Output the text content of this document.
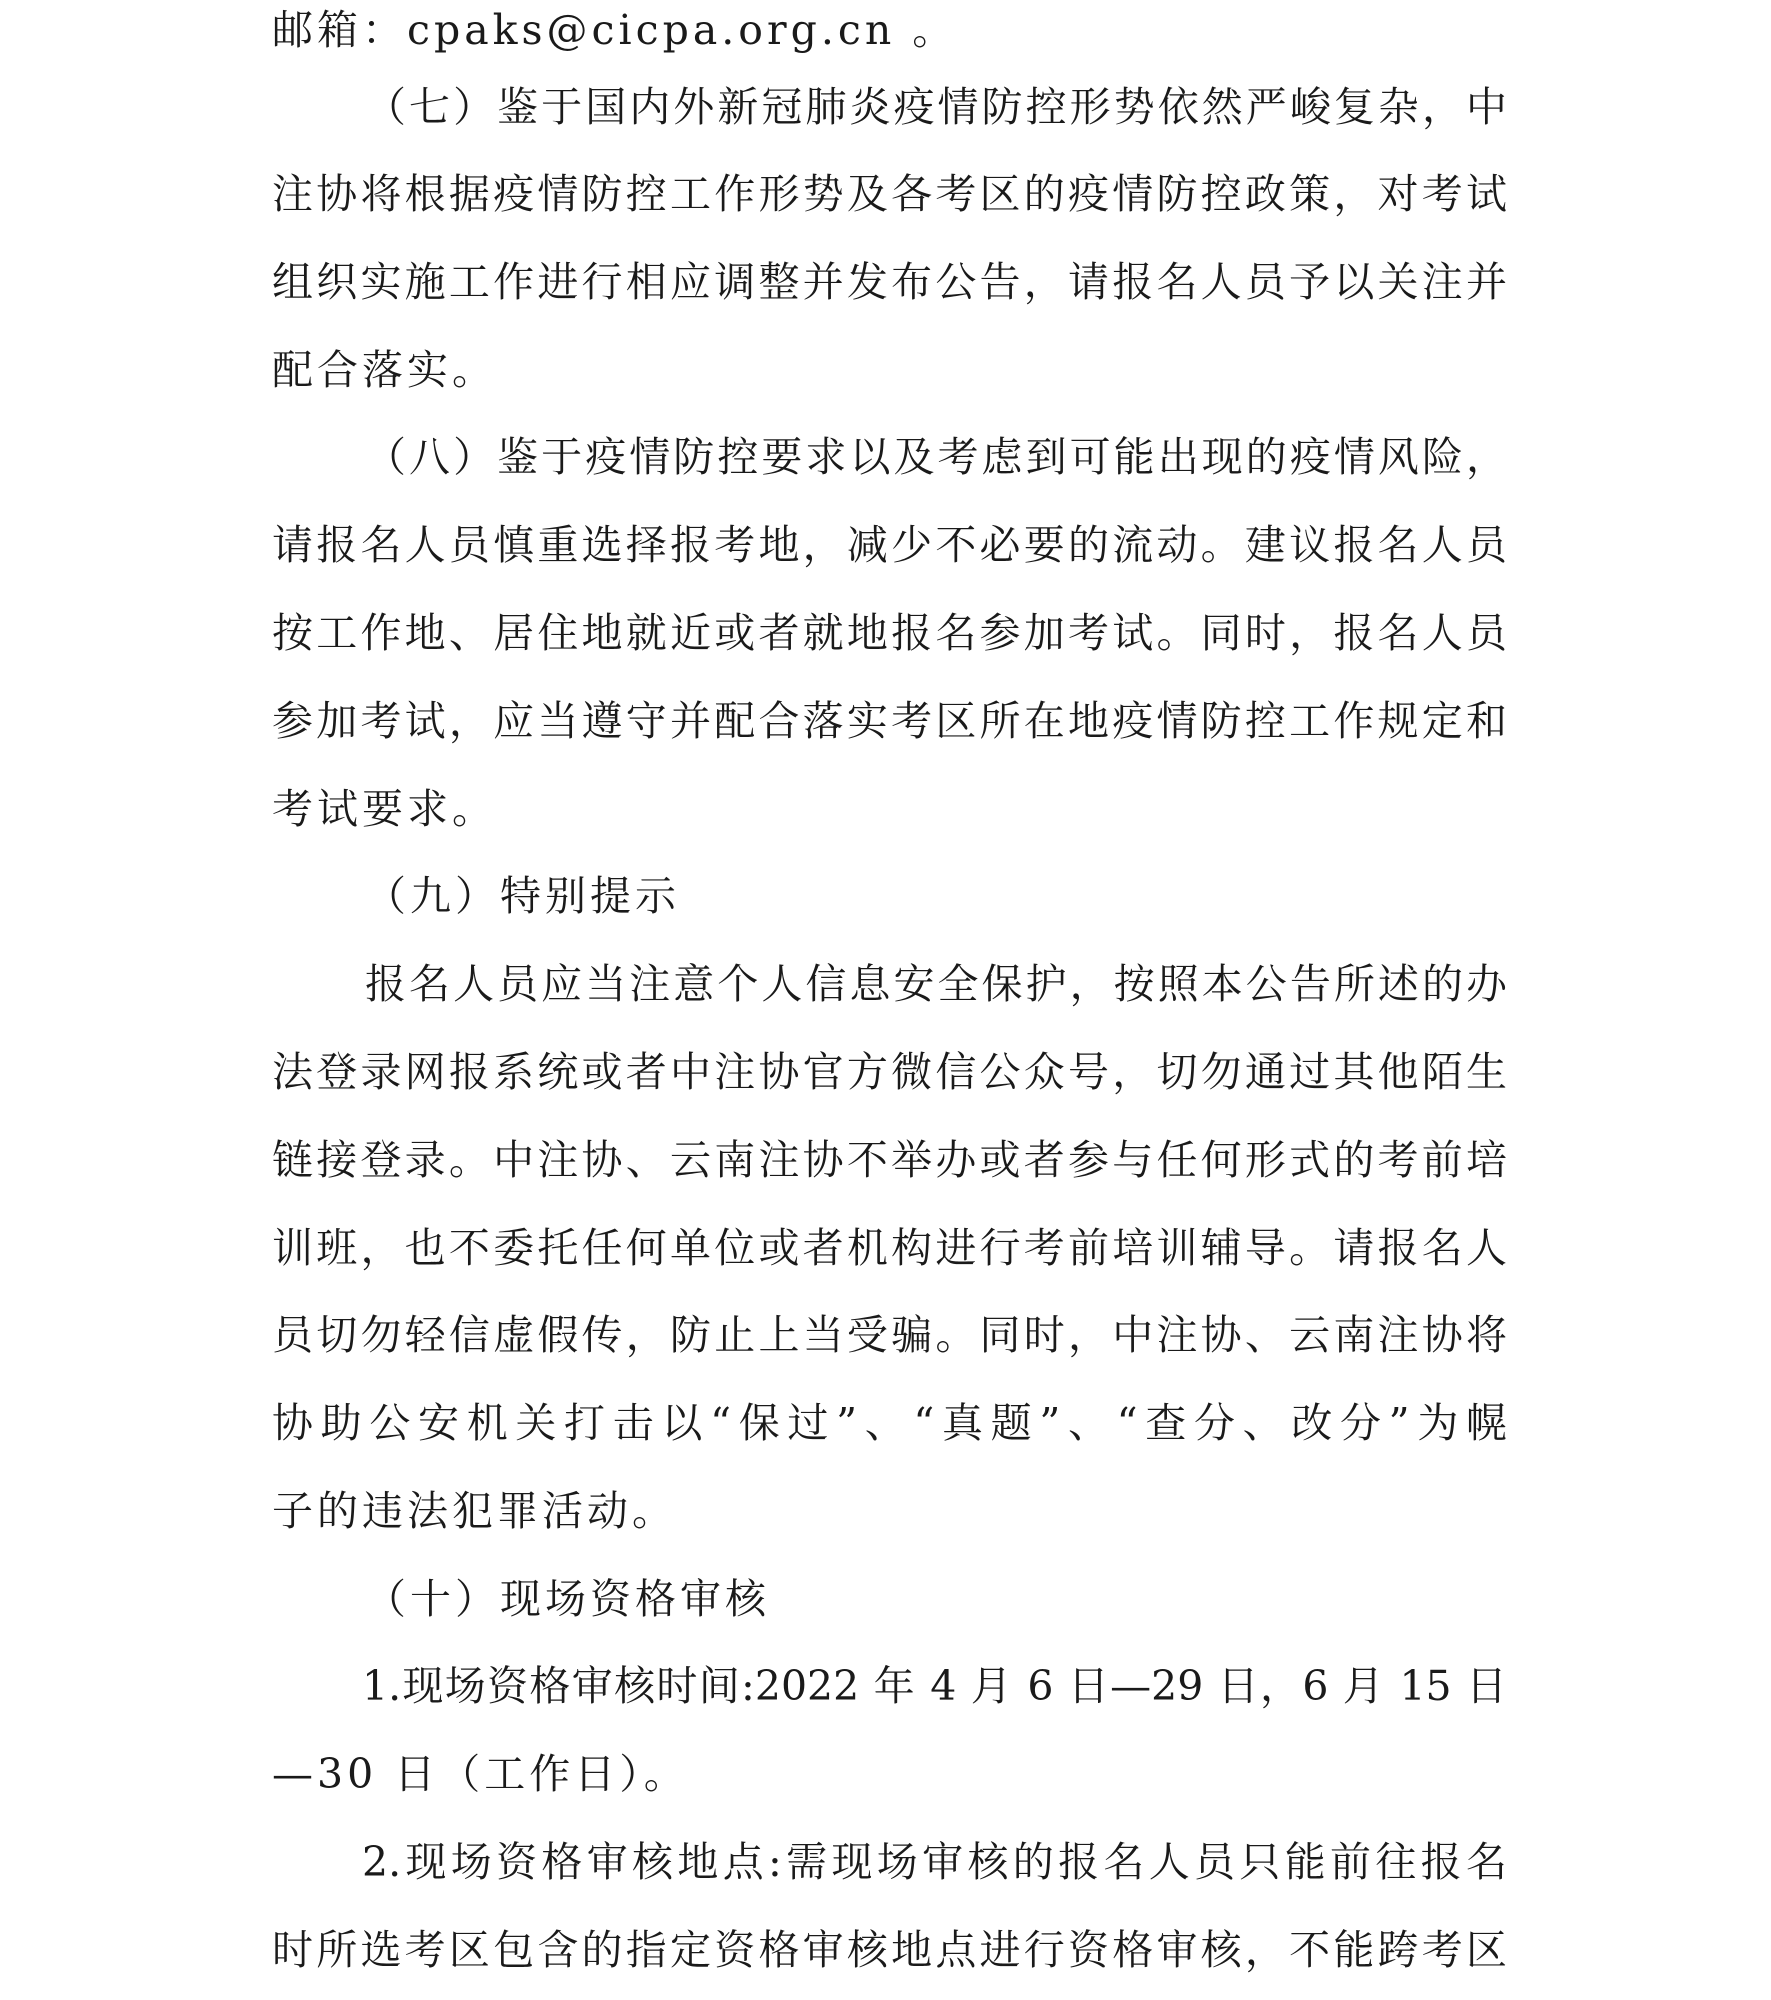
邮箱：cpaks@cicpa.org.cn 。
（七）鉴于国内外新冠肺炎疫情防控形势依然严峻复杂，中
注协将根据疫情防控工作形势及各考区的疫情防控政策，对考试
组织实施工作进行相应调整并发布公告，请报名人员予以关注并
配合落实。
（八）鉴于疫情防控要求以及考虑到可能出现的疫情风险，
请报名人员慎重选择报考地，减少不必要的流动。建议报名人员
按工作地、居住地就近或者就地报名参加考试。同时，报名人员
参加考试，应当遵守并配合落实考区所在地疫情防控工作规定和
考试要求。
（九）特别提示
报名人员应当注意个人信息安全保护，按照本公告所述的办
法登录网报系统或者中注协官方微信公众号，切勿通过其他陌生
链接登录。中注协、云南注协不举办或者参与任何形式的考前培
训班，也不委托任何单位或者机构进行考前培训辅导。请报名人
员切勿轻信虚假传，防止上当受骗。同时，中注协、云南注协将
协助公安机关打击以“保过”、“真题”、“查分、改分”为幌
子的违法犯罪活动。
（十）现场资格审核
1.现场资格审核时间:2022 年 4 月 6 日—29 日，6 月 15 日
—30 日（工作日）。
2.现场资格审核地点:需现场审核的报名人员只能前往报名
时所选考区包含的指定资格审核地点进行资格审核，不能跨考区
